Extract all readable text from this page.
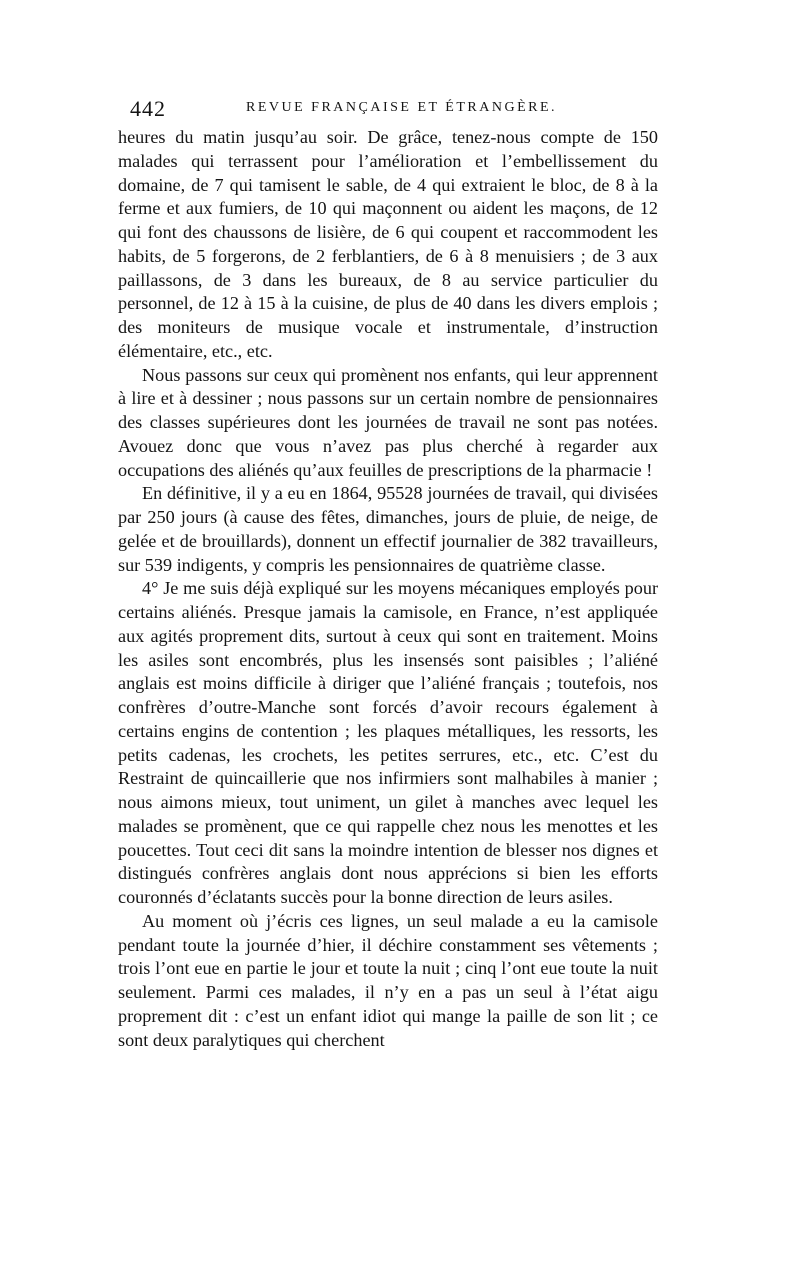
442	REVUE FRANÇAISE ET ÉTRANGÈRE.

heures du matin jusqu’au soir. De grâce, tenez-nous compte de 150 malades qui terrassent pour l’amélioration et l’embellissement du domaine, de 7 qui tamisent le sable, de 4 qui extraient le bloc, de 8 à la ferme et aux fumiers, de 10 qui maçonnent ou aident les maçons, de 12 qui font des chaussons de lisière, de 6 qui coupent et raccommodent les habits, de 5 forgerons, de 2 ferblantiers, de 6 à 8 menuisiers ; de 3 aux paillassons, de 3 dans les bureaux, de 8 au service particulier du personnel, de 12 à 15 à la cuisine, de plus de 40 dans les divers emplois ; des moniteurs de musique vocale et instrumentale, d’instruction élémentaire, etc., etc.

Nous passons sur ceux qui promènent nos enfants, qui leur apprennent à lire et à dessiner ; nous passons sur un certain nombre de pensionnaires des classes supérieures dont les journées de travail ne sont pas notées. Avouez donc que vous n’avez pas plus cherché à regarder aux occupations des aliénés qu’aux feuilles de prescriptions de la pharmacie !

En définitive, il y a eu en 1864, 95528 journées de travail, qui divisées par 250 jours (à cause des fêtes, dimanches, jours de pluie, de neige, de gelée et de brouillards), donnent un effectif journalier de 382 travailleurs, sur 539 indigents, y compris les pensionnaires de quatrième classe.

4° Je me suis déjà expliqué sur les moyens mécaniques employés pour certains aliénés. Presque jamais la camisole, en France, n’est appliquée aux agités proprement dits, surtout à ceux qui sont en traitement. Moins les asiles sont encombrés, plus les insensés sont paisibles ; l’aliéné anglais est moins difficile à diriger que l’aliéné français ; toutefois, nos confrères d’outre-Manche sont forcés d’avoir recours également à certains engins de contention ; les plaques métalliques, les ressorts, les petits cadenas, les crochets, les petites serrures, etc., etc. C’est du Restraint de quincaillerie que nos infirmiers sont malhabiles à manier ; nous aimons mieux, tout uniment, un gilet à manches avec lequel les malades se promènent, que ce qui rappelle chez nous les menottes et les poucettes. Tout ceci dit sans la moindre intention de blesser nos dignes et distingués confrères anglais dont nous apprécions si bien les efforts couronnés d’éclatants succès pour la bonne direction de leurs asiles.

Au moment où j’écris ces lignes, un seul malade a eu la camisole pendant toute la journée d’hier, il déchire constamment ses vêtements ; trois l’ont eue en partie le jour et toute la nuit ; cinq l’ont eue toute la nuit seulement. Parmi ces malades, il n’y en a pas un seul à l’état aigu proprement dit : c’est un enfant idiot qui mange la paille de son lit ; ce sont deux paralytiques qui cherchent
